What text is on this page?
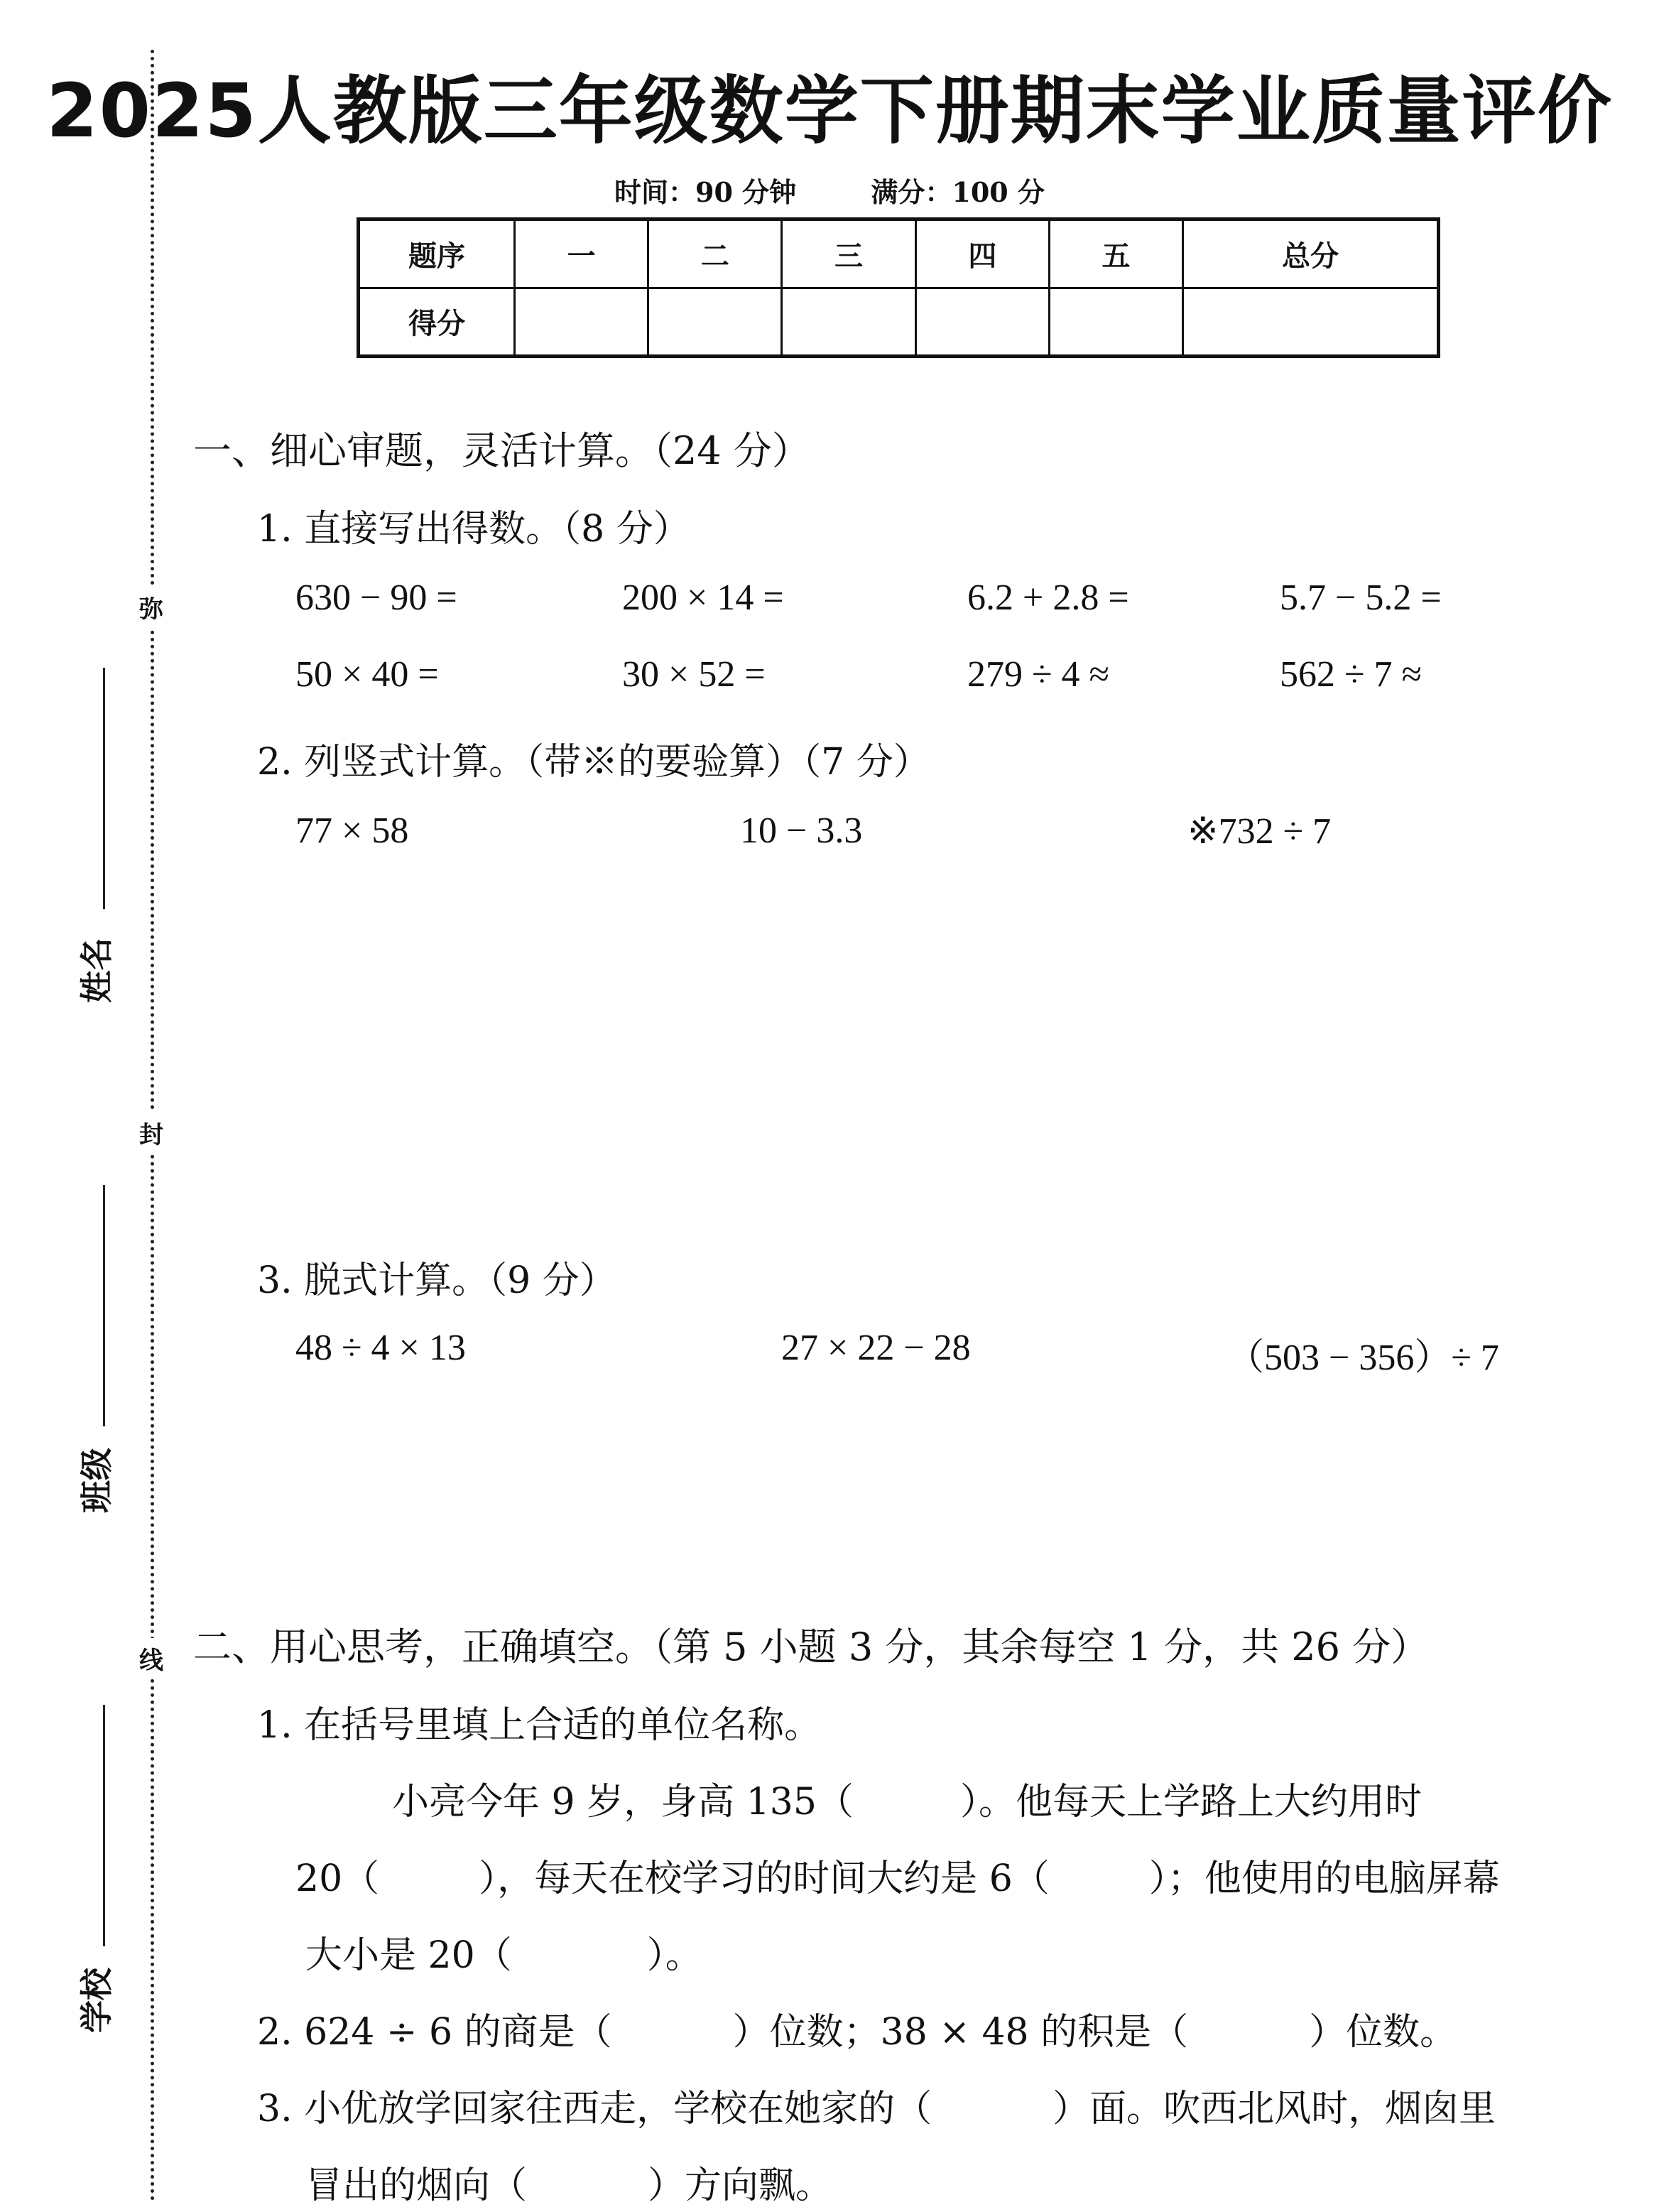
弥
封
线
姓名
班级
学校
2025人教版三年级数学下册期末学业质量评价
时间：90 分钟	满分：100 分
题序	一	二	三	四	五	总分
得分						
一、细心审题，灵活计算。（24 分）
1. 直接写出得数。（8 分）
630 − 90 =	200 × 14 =	6.2 + 2.8 =	5.7 − 5.2 =
50 × 40 =	30 × 52 =	279 ÷ 4 ≈	562 ÷ 7 ≈
2. 列竖式计算。（带※的要验算）（7 分）
77 × 58	10 − 3.3	※732 ÷ 7
3. 脱式计算。（9 分）
48 ÷ 4 × 13	27 × 22 − 28	（503 − 356）÷ 7
二、用心思考，正确填空。（第 5 小题 3 分，其余每空 1 分，共 26 分）
1. 在括号里填上合适的单位名称。
小亮今年 9 岁，身高 135（	）。他每天上学路上大约用时
20（	），每天在校学习的时间大约是 6（	）；他使用的电脑屏幕
大小是 20（	）。
2. 624 ÷ 6 的商是（	）位数；38 × 48 的积是（	）位数。
3. 小优放学回家往西走，学校在她家的（	）面。吹西北风时，烟囱里
冒出的烟向（	）方向飘。
